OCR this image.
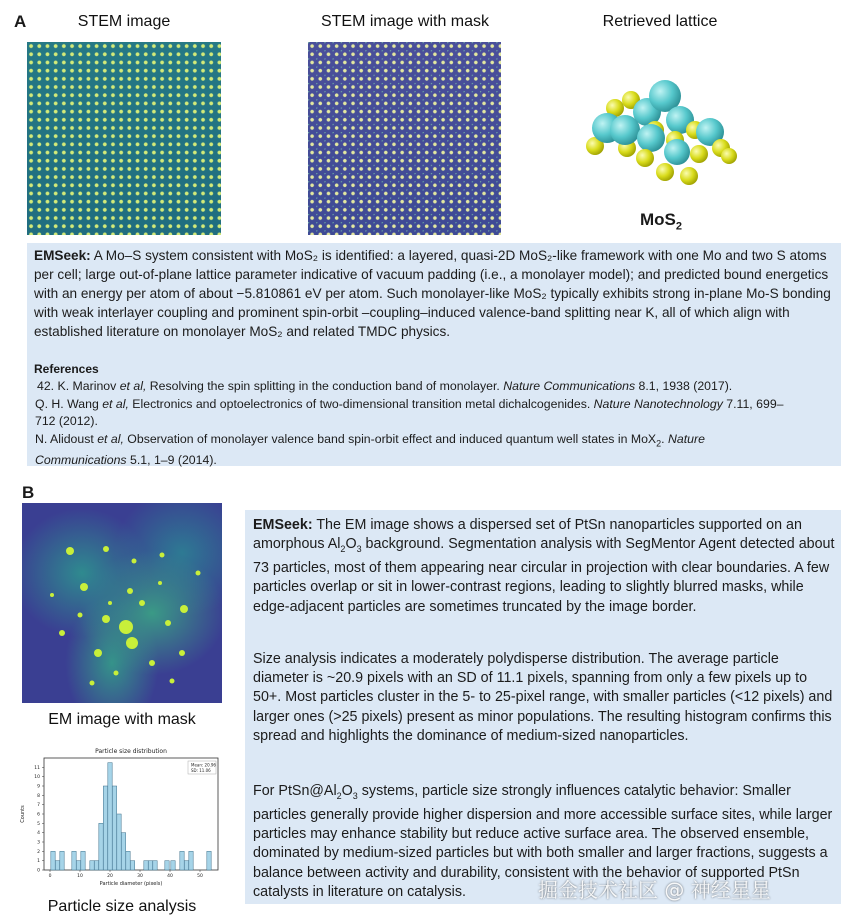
A	STEM image	STEM image with mask	Retrieved lattice
MoS$_2$
EMSeek: A Mo–S system consistent with MoS₂ is identified: a layered, quasi-2D MoS₂-like framework with one Mo and two S atoms per cell; large out-of-plane lattice parameter indicative of vacuum padding (i.e., a monolayer model); and predicted bound energetics with an energy per atom of about −5.810861 eV per atom. Such monolayer-like MoS₂ typically exhibits strong in-plane Mo-S bonding with weak interlayer coupling and prominent spin-orbit –coupling–induced valence-band splitting near K, all of which align with established literature on monolayer MoS₂ and related TMDC physics.
References
42. K. Marinov et al, Resolving the spin splitting in the conduction band of monolayer. Nature Communications 8.1, 1938 (2017).
Q. H. Wang et al, Electronics and optoelectronics of two-dimensional transition metal dichalcogenides. Nature Nanotechnology 7.11, 699–712 (2012).
N. Alidoust et al, Observation of monolayer valence band spin-orbit effect and induced quantum well states in MoX$_2$. Nature Communications 5.1, 1–9 (2014).
B
EM image with mask
Particle size distribution
Particle diameter (pixels)
Counts
0	10	20	30	40	50
0
1
2
3
4
5
6
7
8
9
10
11
Mean: 20.96
SD: 11.06
Particle size analysis
EMSeek: The EM image shows a dispersed set of PtSn nanoparticles supported on an amorphous $Al_2O_3$ background. Segmentation analysis with SegMentor Agent detected about 73 particles, most of them appearing near circular in projection with clear boundaries. A few particles overlap or sit in lower-contrast regions, leading to slightly blurred masks, while edge-adjacent particles are sometimes truncated by the image border.
Size analysis indicates a moderately polydisperse distribution. The average particle diameter is ~20.9 pixels with an SD of 11.1 pixels, spanning from only a few pixels up to 50+. Most particles cluster in the 5- to 25-pixel range, with smaller particles (<12 pixels) and larger ones (>25 pixels) present as minor populations. The resulting histogram confirms this spread and highlights the dominance of medium-sized nanoparticles.
For $PtSn@Al_2O_3$ systems, particle size strongly influences catalytic behavior: Smaller particles generally provide higher dispersion and more accessible surface sites, while larger particles may enhance stability but reduce active surface area. The observed ensemble, dominated by medium-sized particles but with both smaller and larger fractions, suggests a balance between activity and durability, consistent with the behavior of supported PtSn catalysts in literature on catalysis.	掘金技术社区 @ 神经星星
